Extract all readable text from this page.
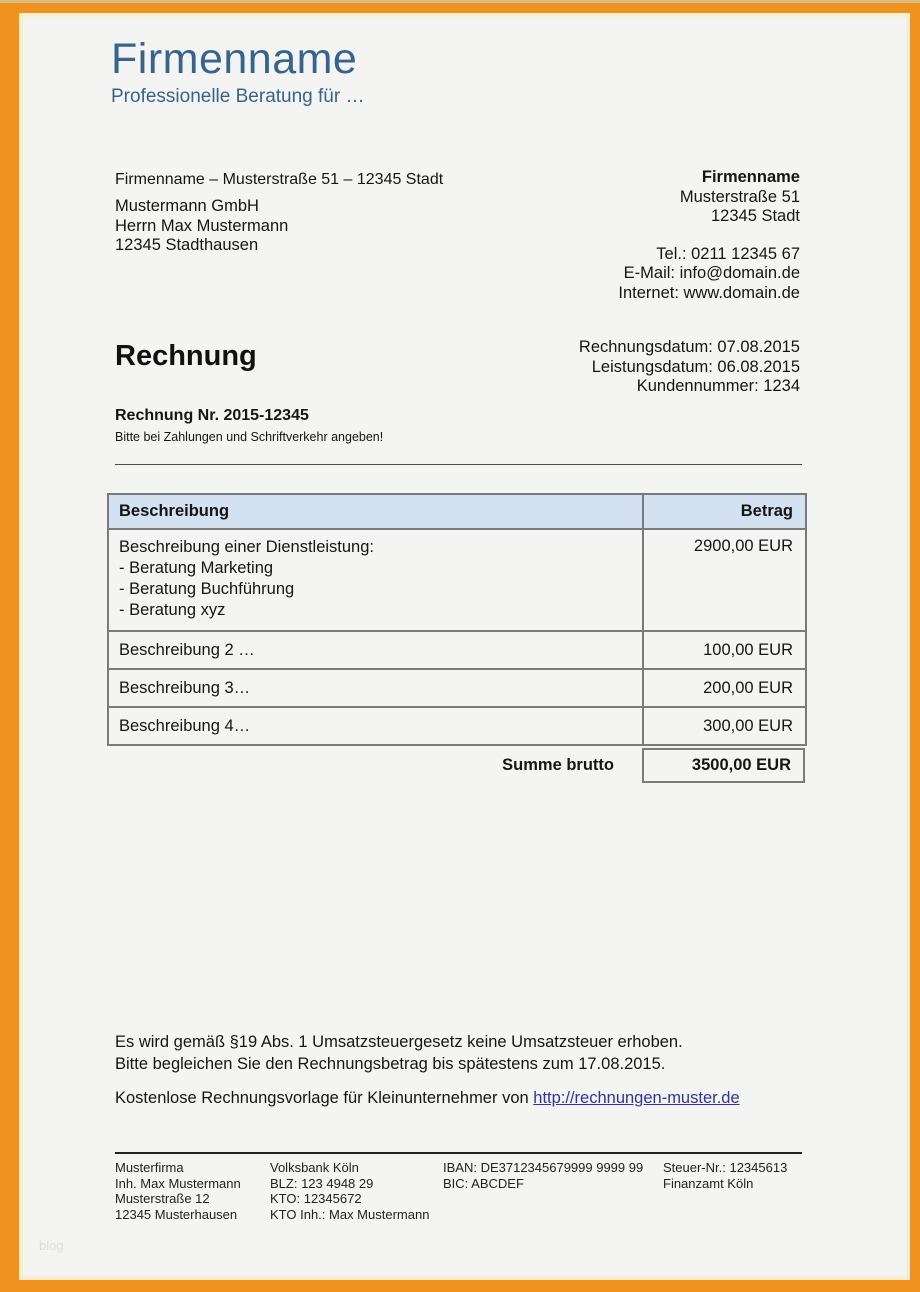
Firmenname
Professionelle Beratung für …
Firmenname – Musterstraße 51 – 12345 Stadt
Mustermann GmbH
Herrn Max Mustermann
12345 Stadthausen
Firmenname
Musterstraße 51
12345 Stadt
Tel.: 0211 12345 67
E-Mail: info@domain.de
Internet: www.domain.de
Rechnung	Rechnungsdatum: 07.08.2015
Leistungsdatum: 06.08.2015
Kundennummer: 1234
Rechnung Nr. 2015-12345
Bitte bei Zahlungen und Schriftverkehr angeben!
Beschreibung	Betrag

Beschreibung einer Dienstleistung:
- Beratung Marketing
- Beratung Buchführung
- Beratung xyz	2900,00 EUR
Beschreibung 2 …	100,00 EUR
Beschreibung 3…	200,00 EUR
Beschreibung 4…	300,00 EUR
Summe brutto	3500,00 EUR
Es wird gemäß §19 Abs. 1 Umsatzsteuergesetz keine Umsatzsteuer erhoben.
Bitte begleichen Sie den Rechnungsbetrag bis spätestens zum 17.08.2015.
Kostenlose Rechnungsvorlage für Kleinunternehmer von http://rechnungen-muster.de
Musterfirma
Inh. Max Mustermann
Musterstraße 12
12345 Musterhausen
Volksbank Köln
BLZ: 123 4948 29
KTO: 12345672
KTO Inh.: Max Mustermann
IBAN: DE3712345679999 9999 99
BIC: ABCDEF
Steuer-Nr.: 12345613
Finanzamt Köln
blog
